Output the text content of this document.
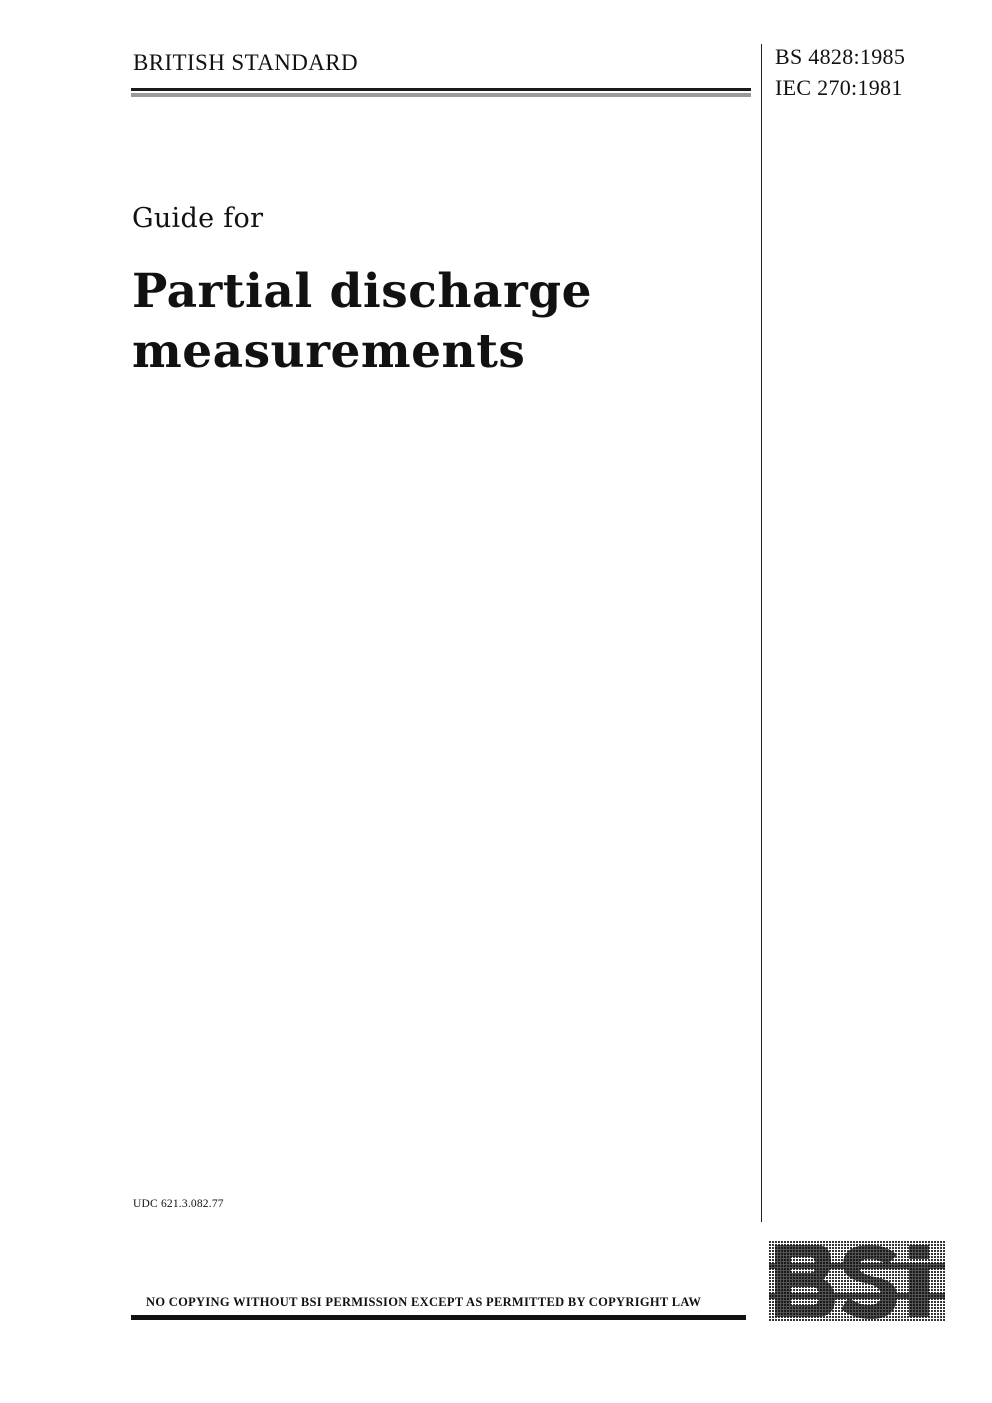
BRITISH STANDARD	BS 4828:1985
IEC 270:1981
Guide for
Partial discharge
measurements
UDC 621.3.082.77
NO COPYING WITHOUT BSI PERMISSION EXCEPT AS PERMITTED BY COPYRIGHT LAW
